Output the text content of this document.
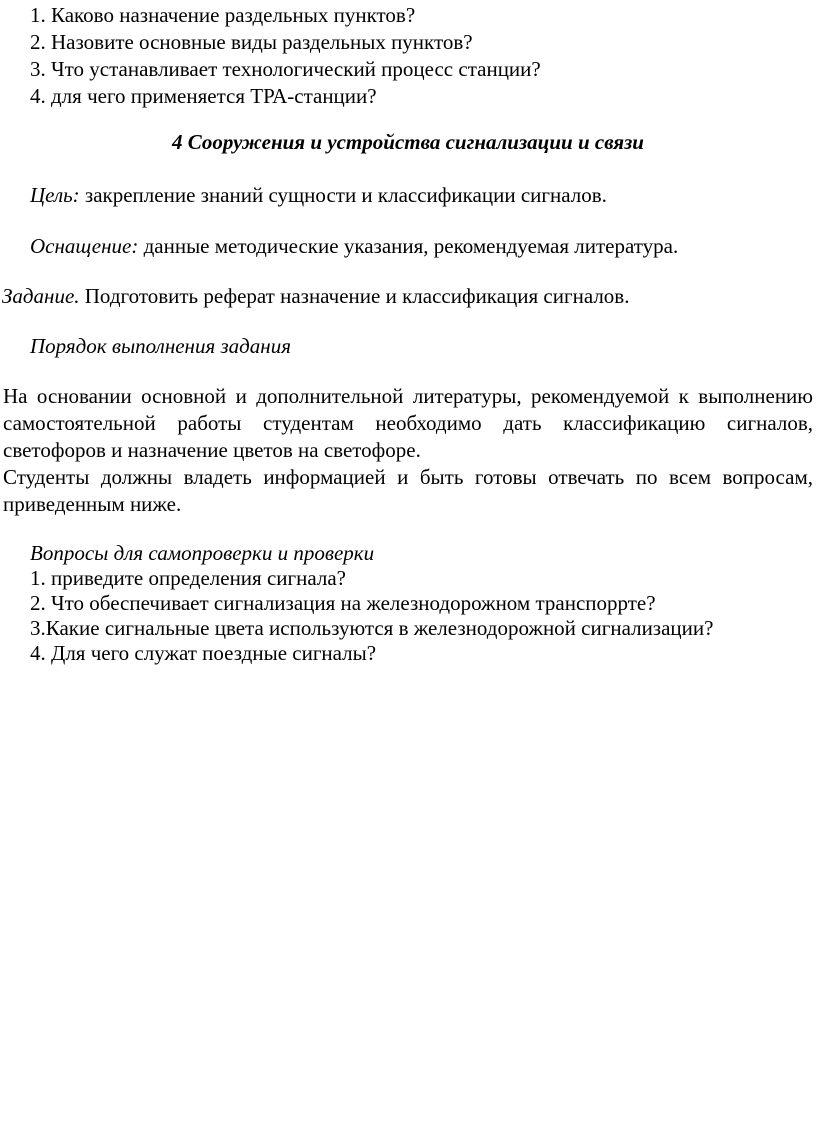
1. Каково назначение раздельных пунктов?
2. Назовите основные виды раздельных пунктов?
3. Что устанавливает технологический процесс станции?
4. для чего применяется ТРА-станции?
4 Сооружения и устройства сигнализации и связи
Цель: закрепление знаний сущности и классификации сигналов.
Оснащение: данные методические указания, рекомендуемая литература.
Задание. Подготовить реферат назначение и классификация сигналов.
Порядок выполнения задания
На основании основной и дополнительной литературы, рекомендуемой к выполнению
самостоятельной работы студентам необходимо дать классификацию сигналов,
светофоров и назначение цветов на светофоре.
Студенты должны владеть информацией и быть готовы отвечать по всем вопросам,
приведенным ниже.
Вопросы для самопроверки и проверки
1. приведите определения сигнала?
2. Что обеспечивает сигнализация на железнодорожном транспоррте?
3.Какие сигнальные цвета используются в железнодорожной сигнализации?
4. Для чего служат поездные сигналы?
